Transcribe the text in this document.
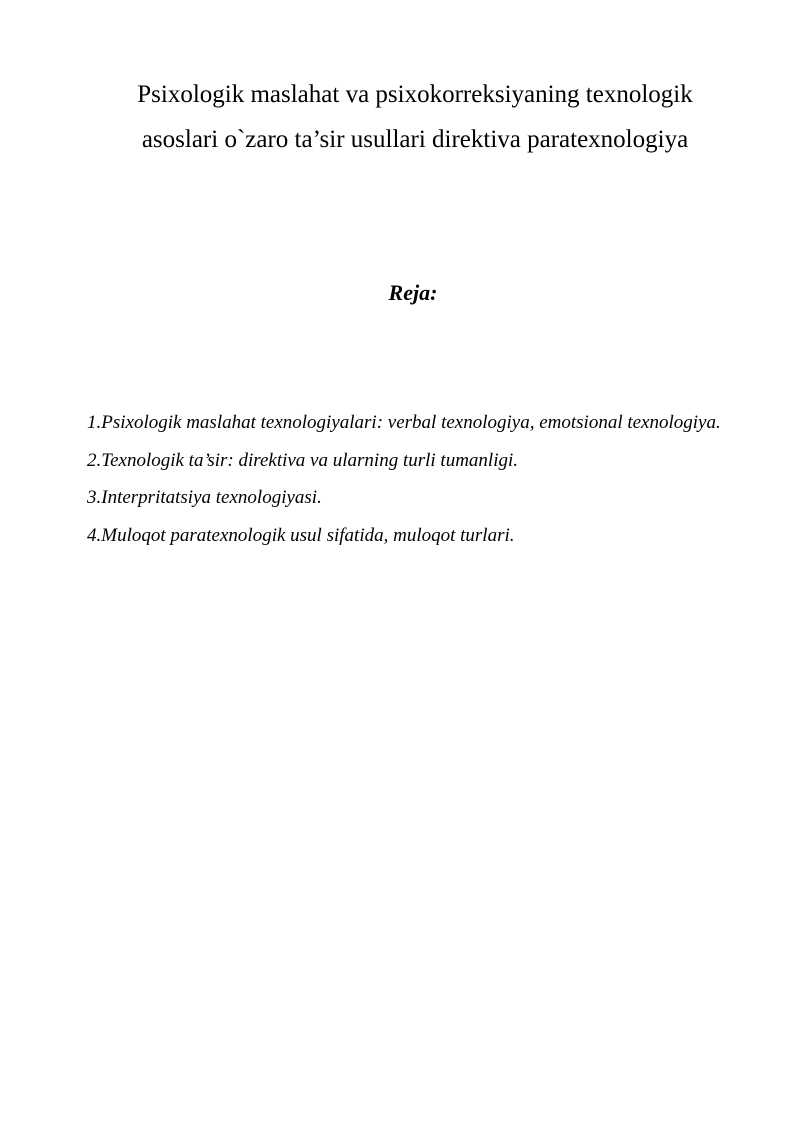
Psixologik maslahat va psixokorreksiyaning texnologik
asoslari o`zaro ta’sir usullari direktiva paratexnologiya
Reja:
1.Psixologik maslahat texnologiyalari: verbal texnologiya, emotsional texnologiya.
2.Texnologik ta’sir: direktiva va ularning turli tumanligi.
3.Interpritatsiya texnologiyasi.
4.Muloqot paratexnologik usul sifatida, muloqot turlari.
